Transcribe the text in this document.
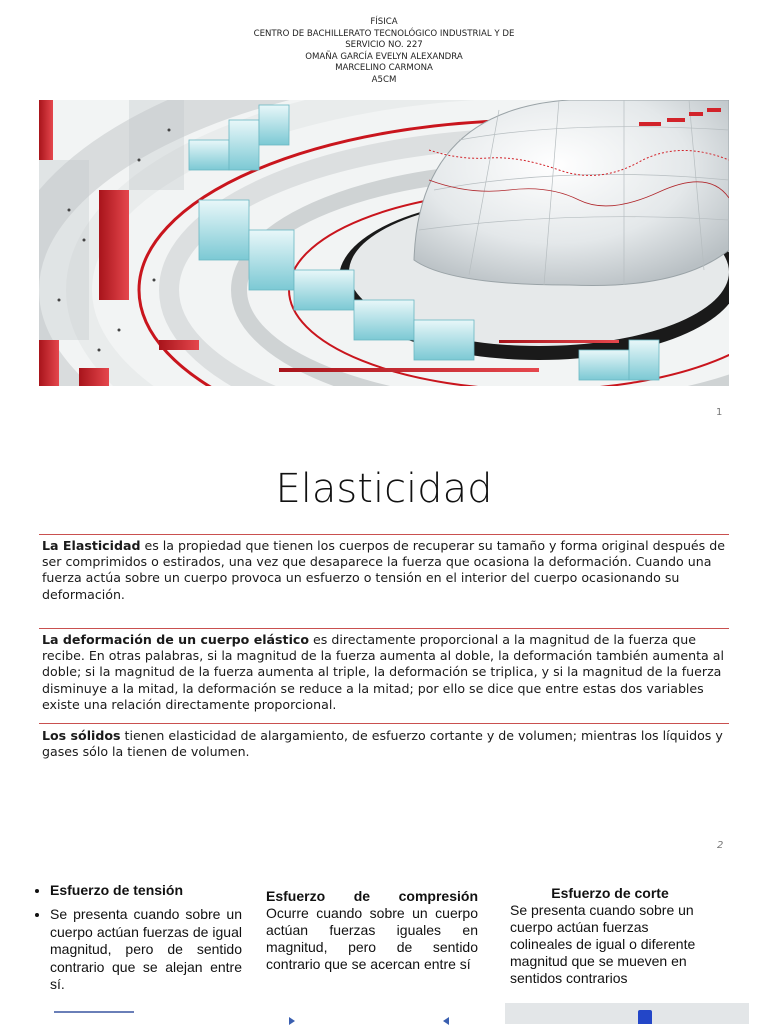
FÍSICA
CENTRO DE BACHILLERATO TECNOLÓGICO INDUSTRIAL Y DE
SERVICIO NO. 227
OMAÑA GARCÍA EVELYN ALEXANDRA
MARCELINO CARMONA
A5CM
1
Elasticidad
La Elasticidad es la propiedad que tienen los cuerpos de recuperar su tamaño y forma original después de ser comprimidos o estirados, una vez que desaparece la fuerza que ocasiona la deformación. Cuando una fuerza actúa sobre un cuerpo provoca un esfuerzo o tensión en el interior del cuerpo ocasionando su deformación.
La deformación de un cuerpo elástico es directamente proporcional a la magnitud de la fuerza que recibe. En otras palabras, si la magnitud de la fuerza aumenta al doble, la deformación también aumenta al doble; si la magnitud de la fuerza aumenta al triple, la deformación se triplica, y si la magnitud de la fuerza disminuye a la mitad, la deformación se reduce a la mitad; por ello se dice que entre estas dos variables existe una relación directamente proporcional.
Los sólidos tienen elasticidad de alargamiento, de esfuerzo cortante y de volumen; mientras los líquidos y gases sólo la tienen de volumen.
2
• Esfuerzo de tensión
• Se presenta cuando sobre un cuerpo actúan fuerzas de igual magnitud, pero de sentido contrario que se alejan entre sí.
Esfuerzo de compresión
Ocurre cuando sobre un cuerpo actúan fuerzas iguales en magnitud, pero de sentido contrario que se acercan entre sí
Esfuerzo de corte
Se presenta cuando sobre un cuerpo actúan fuerzas colineales de igual o diferente magnitud que se mueven en sentidos contrarios
